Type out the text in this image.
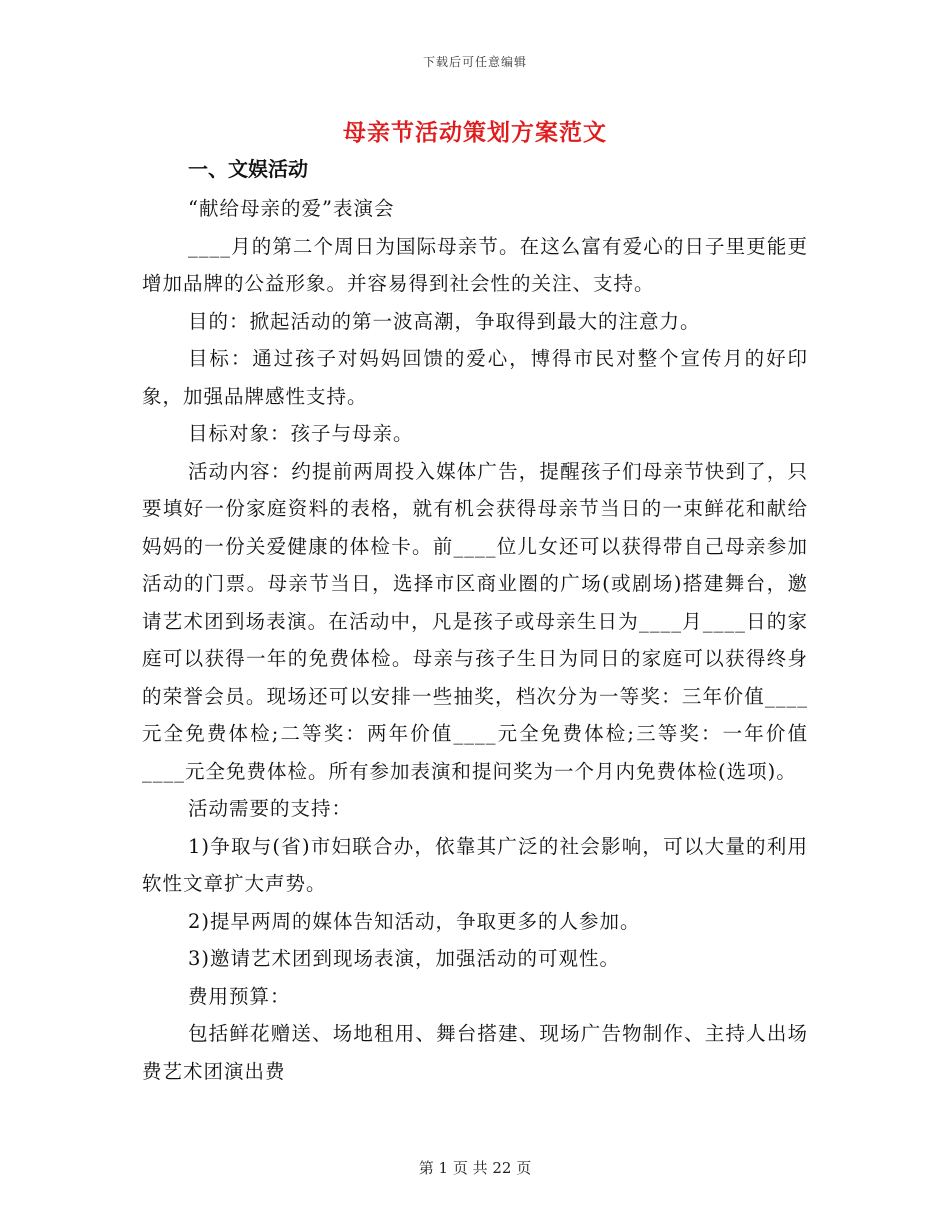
下载后可任意编辑
母亲节活动策划方案范文

一、文娱活动

“献给母亲的爱”表演会

____月的第二个周日为国际母亲节。在这么富有爱心的日子里更能更增加品牌的公益形象。并容易得到社会性的关注、支持。

目的：掀起活动的第一波高潮，争取得到最大的注意力。

目标：通过孩子对妈妈回馈的爱心，博得市民对整个宣传月的好印象，加强品牌感性支持。

目标对象：孩子与母亲。

活动内容：约提前两周投入媒体广告，提醒孩子们母亲节快到了，只要填好一份家庭资料的表格，就有机会获得母亲节当日的一束鲜花和献给妈妈的一份关爱健康的体检卡。前____位儿女还可以获得带自己母亲参加活动的门票。母亲节当日，选择市区商业圈的广场(或剧场)搭建舞台，邀请艺术团到场表演。在活动中，凡是孩子或母亲生日为____月____日的家庭可以获得一年的免费体检。母亲与孩子生日为同日的家庭可以获得终身的荣誉会员。现场还可以安排一些抽奖，档次分为一等奖：三年价值____元全免费体检;二等奖：两年价值____元全免费体检;三等奖：一年价值____元全免费体检。所有参加表演和提问奖为一个月内免费体检(选项)。

活动需要的支持：

1)争取与(省)市妇联合办，依靠其广泛的社会影响，可以大量的利用软性文章扩大声势。

2)提早两周的媒体告知活动，争取更多的人参加。

3)邀请艺术团到现场表演，加强活动的可观性。

费用预算：

包括鲜花赠送、场地租用、舞台搭建、现场广告物制作、主持人出场费艺术团演出费

第 1 页 共 22 页
